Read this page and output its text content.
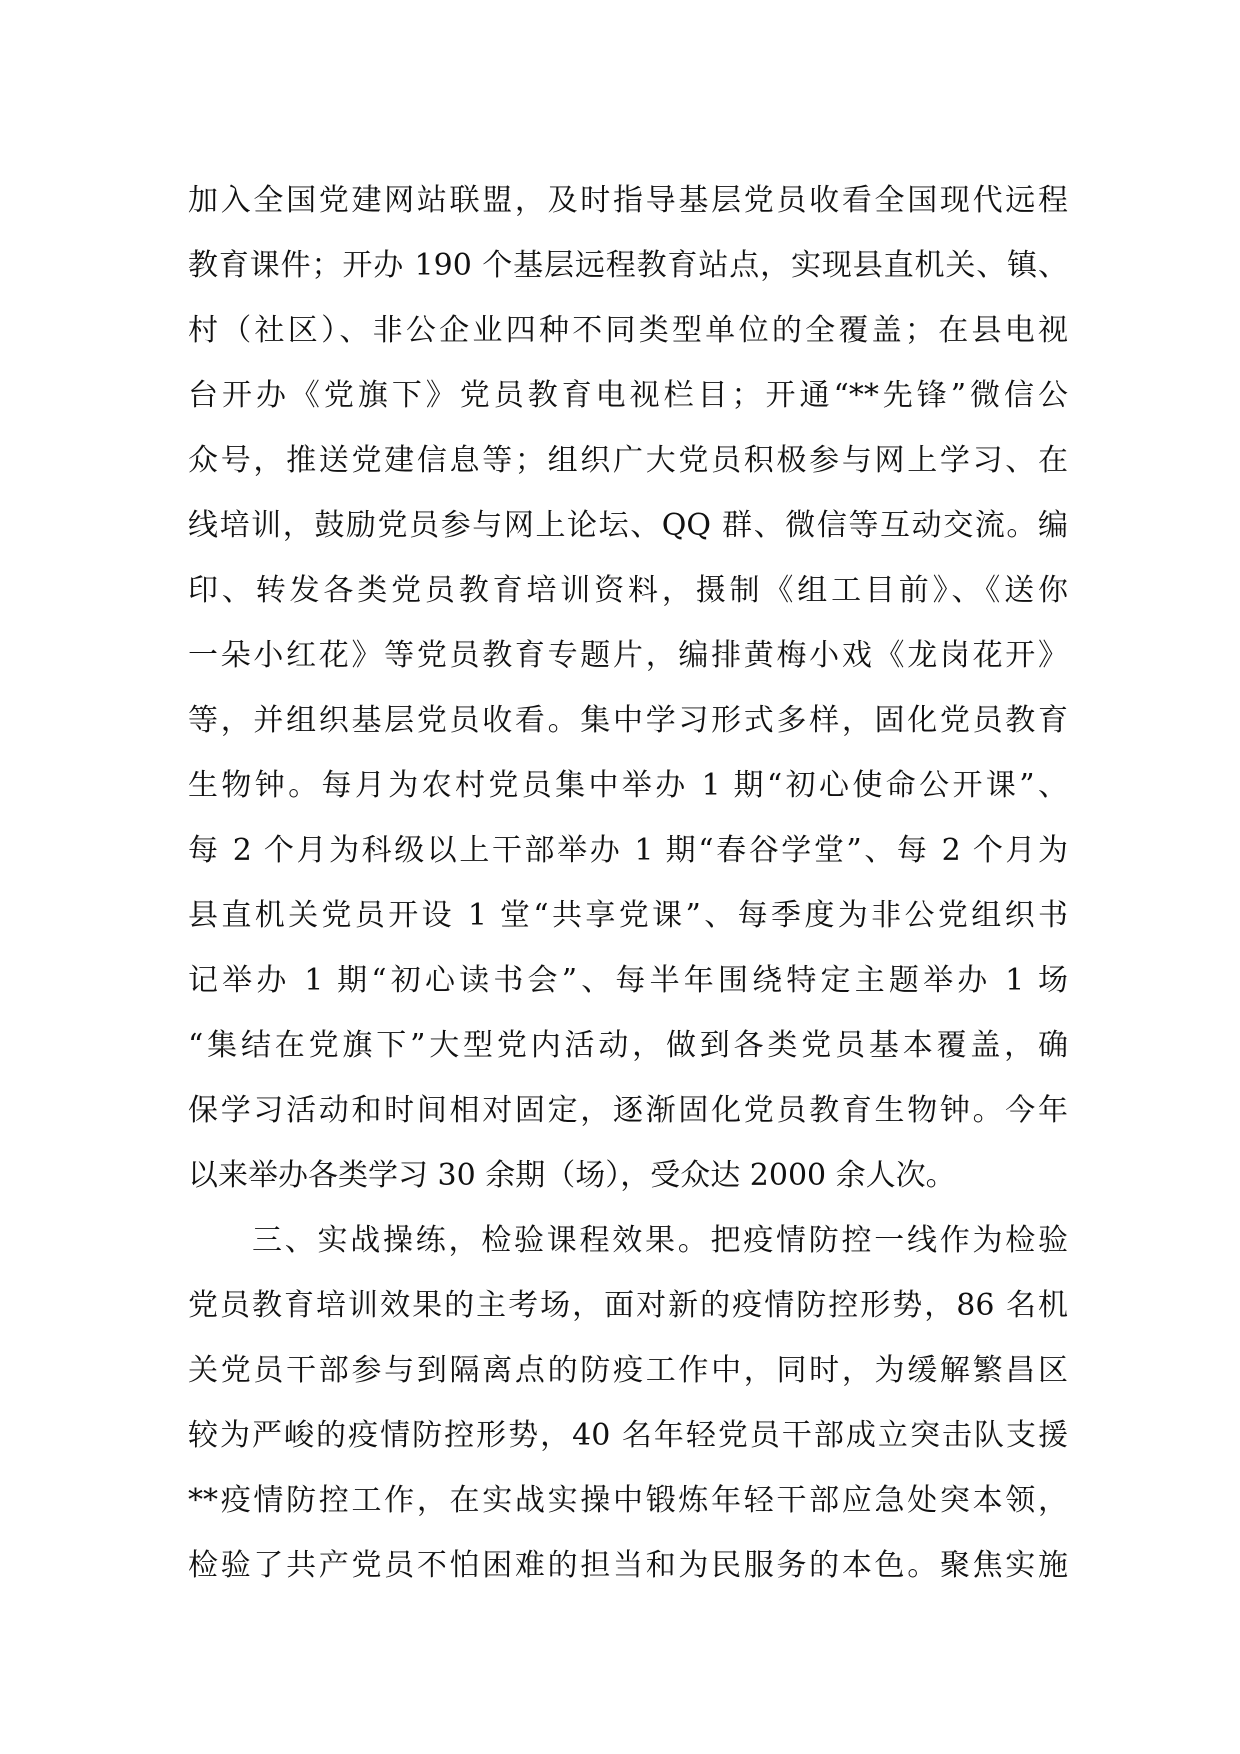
加入全国党建网站联盟，及时指导基层党员收看全国现代远程
教育课件；开办 190 个基层远程教育站点，实现县直机关、镇、
村（社区）、非公企业四种不同类型单位的全覆盖；在县电视
台开办《党旗下》党员教育电视栏目；开通“**先锋”微信公
众号，推送党建信息等；组织广大党员积极参与网上学习、在
线培训，鼓励党员参与网上论坛、QQ 群、微信等互动交流。编
印、转发各类党员教育培训资料，摄制《组工目前》、《送你
一朵小红花》等党员教育专题片，编排黄梅小戏《龙岗花开》
等，并组织基层党员收看。集中学习形式多样，固化党员教育
生物钟。每月为农村党员集中举办 1 期“初心使命公开课”、
每 2 个月为科级以上干部举办 1 期“春谷学堂”、每 2 个月为
县直机关党员开设 1 堂“共享党课”、每季度为非公党组织书
记举办 1 期“初心读书会”、每半年围绕特定主题举办 1 场
“集结在党旗下”大型党内活动，做到各类党员基本覆盖，确
保学习活动和时间相对固定，逐渐固化党员教育生物钟。今年
以来举办各类学习 30 余期（场），受众达 2000 余人次。
三、实战操练，检验课程效果。把疫情防控一线作为检验
党员教育培训效果的主考场，面对新的疫情防控形势，86 名机
关党员干部参与到隔离点的防疫工作中，同时，为缓解繁昌区
较为严峻的疫情防控形势，40 名年轻党员干部成立突击队支援
**疫情防控工作，在实战实操中锻炼年轻干部应急处突本领，
检验了共产党员不怕困难的担当和为民服务的本色。聚焦实施
